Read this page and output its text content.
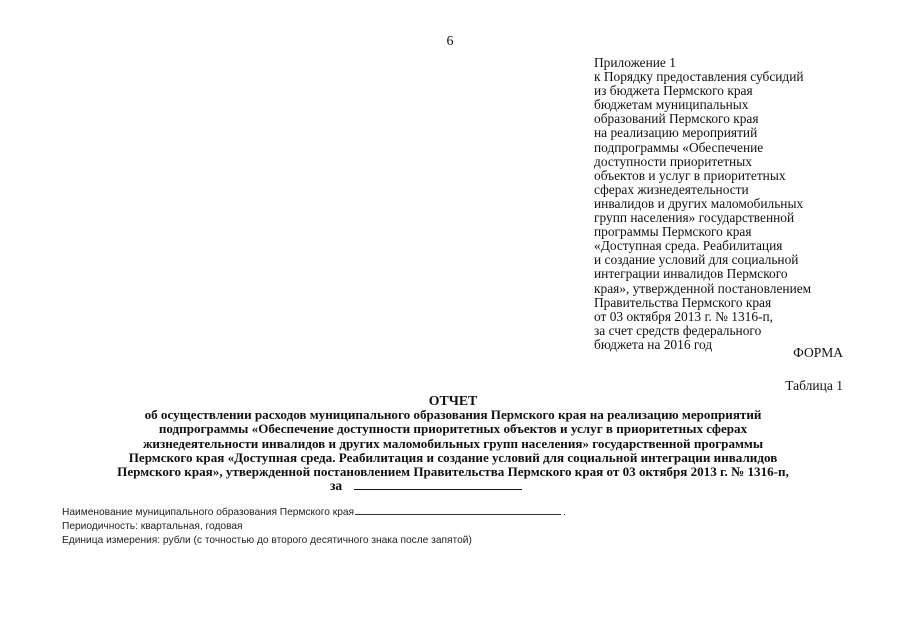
6
Приложение 1
к Порядку предоставления субсидий
из бюджета Пермского края
бюджетам муниципальных
образований Пермского края
на реализацию мероприятий
подпрограммы «Обеспечение
доступности приоритетных
объектов и услуг в приоритетных
сферах жизнедеятельности
инвалидов и других маломобильных
групп населения» государственной
программы Пермского края
«Доступная среда. Реабилитация
и создание условий для социальной
интеграции инвалидов Пермского
края», утвержденной постановлением
Правительства Пермского края
от 03 октября 2013 г. № 1316-п,
за счет средств федерального
бюджета на 2016 год
ФОРМА
Таблица 1
ОТЧЕТ
об осуществлении расходов муниципального образования Пермского края на реализацию мероприятий
подпрограммы «Обеспечение доступности приоритетных объектов и услуг в приоритетных сферах
жизнедеятельности инвалидов и других маломобильных групп населения» государственной программы
Пермского края «Доступная среда. Реабилитация и создание условий для социальной интеграции инвалидов
Пермского края», утвержденной постановлением Правительства Пермского края от 03 октября 2013 г. № 1316-п,
за
Наименование муниципального образования Пермского края	.
Периодичность: квартальная, годовая
Единица измерения: рубли (с точностью до второго десятичного знака после запятой)
